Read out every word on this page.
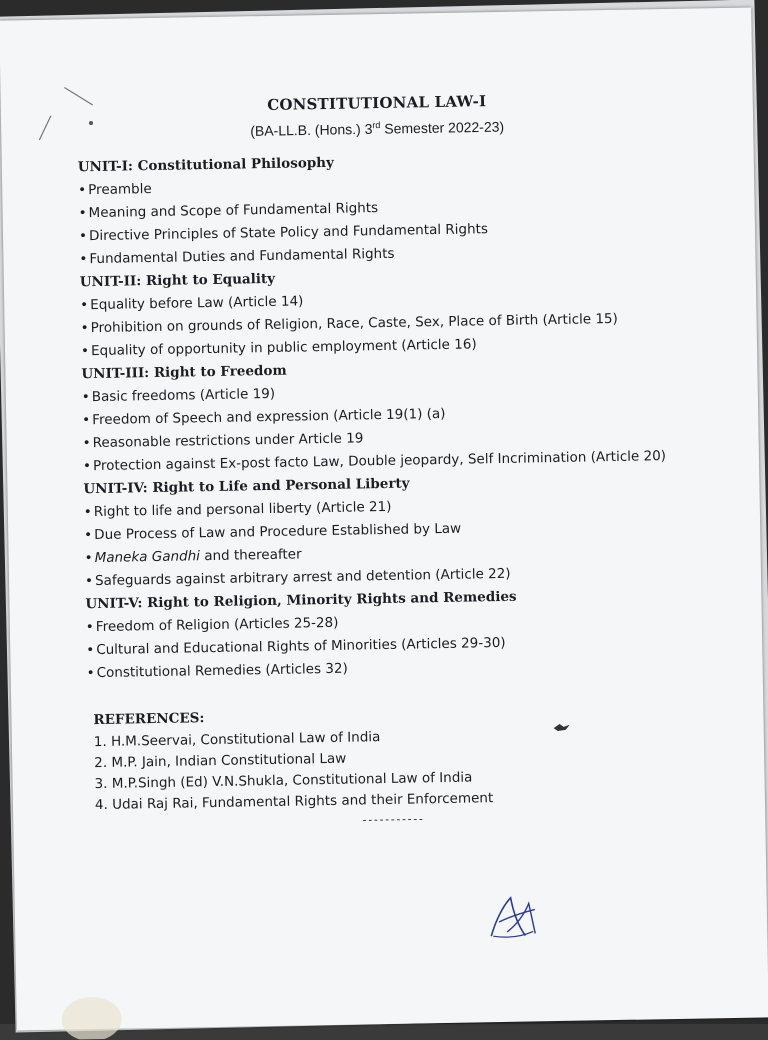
CONSTITUTIONAL LAW-I
(BA-LL.B. (Hons.) 3rd Semester 2022-23)
UNIT-I: Constitutional Philosophy
• Preamble
• Meaning and Scope of Fundamental Rights
• Directive Principles of State Policy and Fundamental Rights
• Fundamental Duties and Fundamental Rights
UNIT-II: Right to Equality
• Equality before Law (Article 14)
• Prohibition on grounds of Religion, Race, Caste, Sex, Place of Birth (Article 15)
• Equality of opportunity in public employment (Article 16)
UNIT-III: Right to Freedom
• Basic freedoms (Article 19)
• Freedom of Speech and expression (Article 19(1) (a)
• Reasonable restrictions under Article 19
• Protection against Ex-post facto Law, Double jeopardy, Self Incrimination (Article 20)
UNIT-IV: Right to Life and Personal Liberty
• Right to life and personal liberty (Article 21)
• Due Process of Law and Procedure Established by Law
• Maneka Gandhi and thereafter
• Safeguards against arbitrary arrest and detention (Article 22)
UNIT-V: Right to Religion, Minority Rights and Remedies
• Freedom of Religion (Articles 25-28)
• Cultural and Educational Rights of Minorities (Articles 29-30)
• Constitutional Remedies (Articles 32)
REFERENCES:
1. H.M.Seervai, Constitutional Law of India
2. M.P. Jain, Indian Constitutional Law
3. M.P.Singh (Ed) V.N.Shukla, Constitutional Law of India
4. Udai Raj Rai, Fundamental Rights and their Enforcement
-----------
